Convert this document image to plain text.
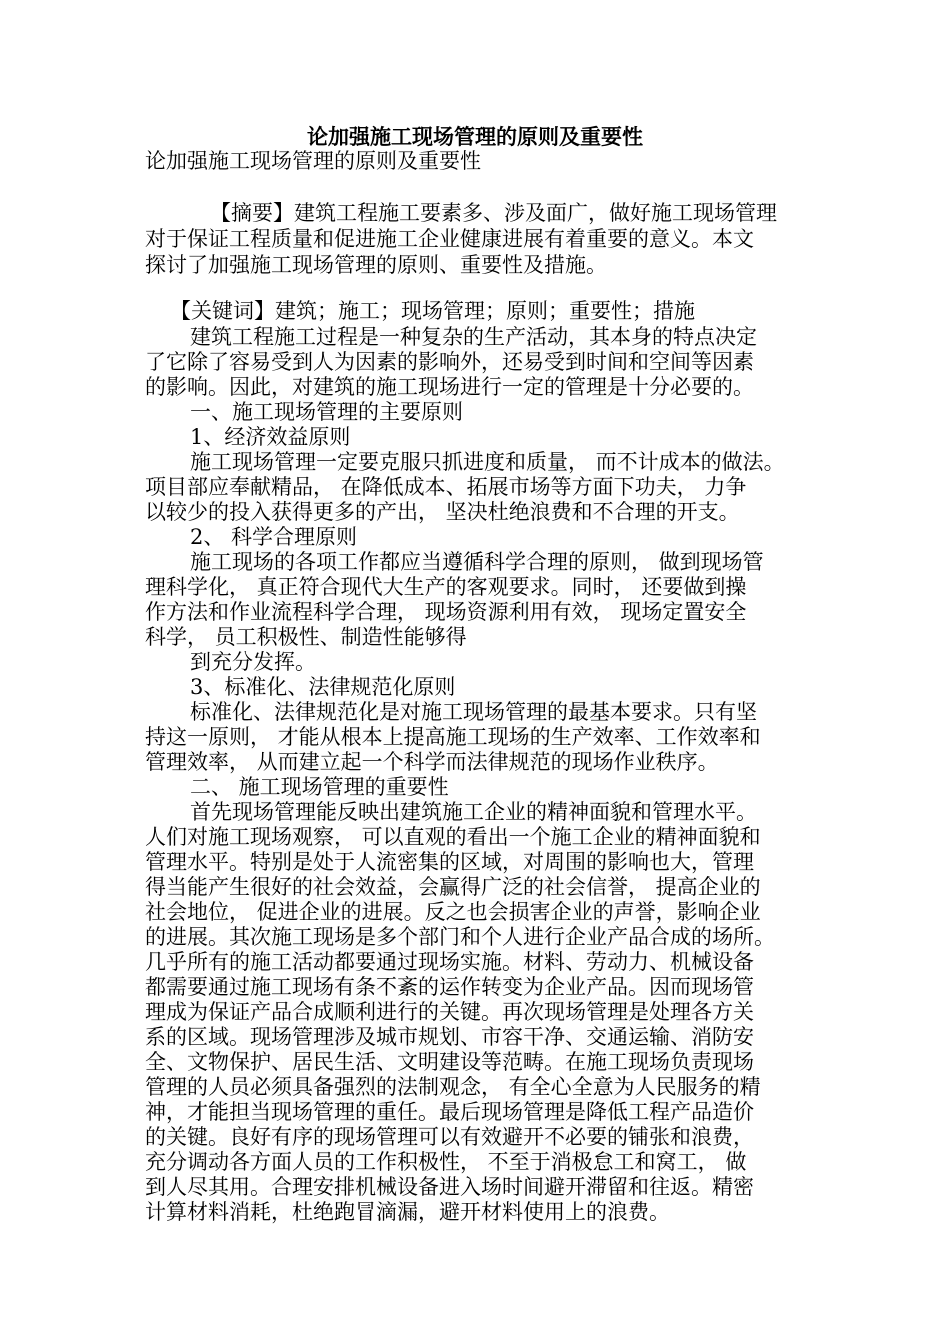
论加强施工现场管理的原则及重要性
论加强施工现场管理的原则及重要性
【摘要】建筑工程施工要素多、涉及面广，做好施工现场管理
对于保证工程质量和促进施工企业健康进展有着重要的意义。本文
探讨了加强施工现场管理的原则、重要性及措施。
【关键词】建筑；施工；现场管理；原则；重要性；措施
建筑工程施工过程是一种复杂的生产活动，其本身的特点决定
了它除了容易受到人为因素的影响外，还易受到时间和空间等因素
的影响。因此，对建筑的施工现场进行一定的管理是十分必要的。
一、施工现场管理的主要原则
1、经济效益原则
施工现场管理一定要克服只抓进度和质量， 而不计成本的做法。
项目部应奉献精品， 在降低成本、拓展市场等方面下功夫， 力争
以较少的投入获得更多的产出， 坚决杜绝浪费和不合理的开支。
2、 科学合理原则
施工现场的各项工作都应当遵循科学合理的原则， 做到现场管
理科学化， 真正符合现代大生产的客观要求。同时， 还要做到操
作方法和作业流程科学合理， 现场资源利用有效， 现场定置安全
科学， 员工积极性、制造性能够得
到充分发挥。
3、标准化、法律规范化原则
标准化、法律规范化是对施工现场管理的最基本要求。只有坚
持这一原则， 才能从根本上提高施工现场的生产效率、工作效率和
管理效率， 从而建立起一个科学而法律规范的现场作业秩序。
二、 施工现场管理的重要性
首先现场管理能反映出建筑施工企业的精神面貌和管理水平。
人们对施工现场观察， 可以直观的看出一个施工企业的精神面貌和
管理水平。特别是处于人流密集的区域，对周围的影响也大，管理
得当能产生很好的社会效益，会赢得广泛的社会信誉， 提高企业的
社会地位， 促进企业的进展。反之也会损害企业的声誉，影响企业
的进展。其次施工现场是多个部门和个人进行企业产品合成的场所。
几乎所有的施工活动都要通过现场实施。材料、劳动力、机械设备
都需要通过施工现场有条不紊的运作转变为企业产品。因而现场管
理成为保证产品合成顺利进行的关键。再次现场管理是处理各方关
系的区域。现场管理涉及城市规划、市容干净、交通运输、消防安
全、文物保护、居民生活、文明建设等范畴。在施工现场负责现场
管理的人员必须具备强烈的法制观念， 有全心全意为人民服务的精
神，才能担当现场管理的重任。最后现场管理是降低工程产品造价
的关键。良好有序的现场管理可以有效避开不必要的铺张和浪费，
充分调动各方面人员的工作积极性， 不至于消极怠工和窝工， 做
到人尽其用。合理安排机械设备进入场时间避开滞留和往返。精密
计算材料消耗，杜绝跑冒滴漏，避开材料使用上的浪费。
